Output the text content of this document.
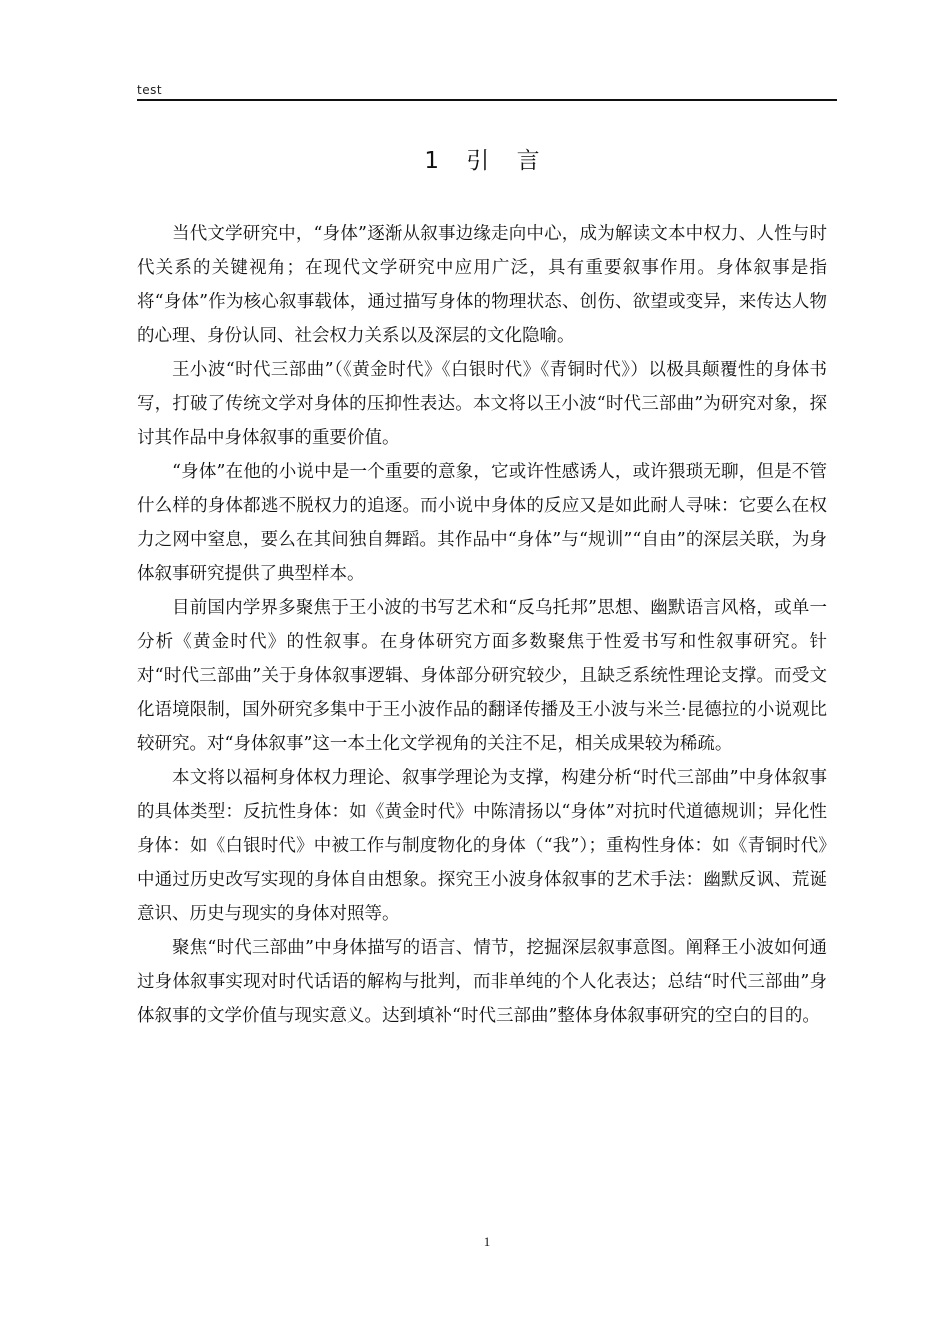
test
1 引 言

当代文学研究中，“身体”逐渐从叙事边缘走向中心，成为解读文本中权力、人性与时代关系的关键视角；在现代文学研究中应用广泛，具有重要叙事作用。身体叙事是指将“身体”作为核心叙事载体，通过描写身体的物理状态、创伤、欲望或变异，来传达人物的心理、身份认同、社会权力关系以及深层的文化隐喻。

王小波“时代三部曲”（《黄金时代》《白银时代》《青铜时代》）以极具颠覆性的身体书写，打破了传统文学对身体的压抑性表达。本文将以王小波“时代三部曲”为研究对象，探讨其作品中身体叙事的重要价值。

“身体”在他的小说中是一个重要的意象，它或许性感诱人，或许猥琐无聊，但是不管什么样的身体都逃不脱权力的追逐。而小说中身体的反应又是如此耐人寻味：它要么在权力之网中窒息，要么在其间独自舞蹈。其作品中“身体”与“规训”“自由”的深层关联，为身体叙事研究提供了典型样本。

目前国内学界多聚焦于王小波的书写艺术和“反乌托邦”思想、幽默语言风格，或单一分析《黄金时代》的性叙事。在身体研究方面多数聚焦于性爱书写和性叙事研究。针对“时代三部曲”关于身体叙事逻辑、身体部分研究较少，且缺乏系统性理论支撑。而受文化语境限制，国外研究多集中于王小波作品的翻译传播及王小波与米兰·昆德拉的小说观比较研究。对“身体叙事”这一本土化文学视角的关注不足，相关成果较为稀疏。

本文将以福柯身体权力理论、叙事学理论为支撑，构建分析“时代三部曲”中身体叙事的具体类型：反抗性身体：如《黄金时代》中陈清扬以“身体”对抗时代道德规训；异化性身体：如《白银时代》中被工作与制度物化的身体（“我”）；重构性身体：如《青铜时代》中通过历史改写实现的身体自由想象。探究王小波身体叙事的艺术手法：幽默反讽、荒诞意识、历史与现实的身体对照等。

聚焦“时代三部曲”中身体描写的语言、情节，挖掘深层叙事意图。阐释王小波如何通过身体叙事实现对时代话语的解构与批判，而非单纯的个人化表达；总结“时代三部曲”身体叙事的文学价值与现实意义。达到填补“时代三部曲”整体身体叙事研究的空白的目的。

1
